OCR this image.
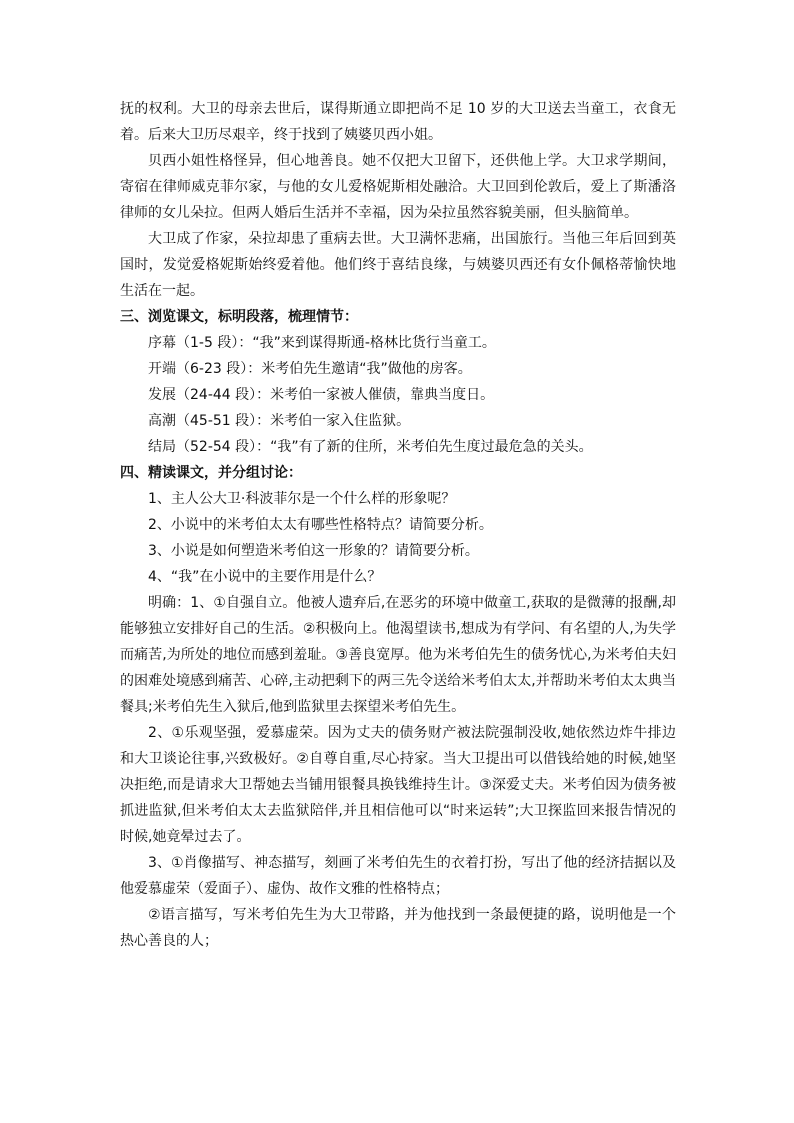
抚的权利。大卫的母亲去世后，谋得斯通立即把尚不足 10 岁的大卫送去当童工，衣食无着。后来大卫历尽艰辛，终于找到了姨婆贝西小姐。

贝西小姐性格怪异，但心地善良。她不仅把大卫留下，还供他上学。大卫求学期间，寄宿在律师威克菲尔家，与他的女儿爱格妮斯相处融洽。大卫回到伦敦后，爱上了斯潘洛律师的女儿朵拉。但两人婚后生活并不幸福，因为朵拉虽然容貌美丽，但头脑简单。

大卫成了作家，朵拉却患了重病去世。大卫满怀悲痛，出国旅行。当他三年后回到英国时，发觉爱格妮斯始终爱着他。他们终于喜结良缘，与姨婆贝西还有女仆佩格蒂愉快地生活在一起。

三、浏览课文，标明段落，梳理情节：

序幕（1-5 段）：“我”来到谋得斯通-格林比货行当童工。

开端（6-23 段）：米考伯先生邀请“我”做他的房客。

发展（24-44 段）：米考伯一家被人催债，靠典当度日。

高潮（45-51 段）：米考伯一家入住监狱。

结局（52-54 段）：“我”有了新的住所，米考伯先生度过最危急的关头。

四、精读课文，并分组讨论：

1、主人公大卫·科波菲尔是一个什么样的形象呢？

2、小说中的米考伯太太有哪些性格特点？请简要分析。

3、小说是如何塑造米考伯这一形象的？请简要分析。

4、“我”在小说中的主要作用是什么？

明确：1、①自强自立。他被人遗弃后,在恶劣的环境中做童工,获取的是微薄的报酬,却能够独立安排好自己的生活。②积极向上。他渴望读书,想成为有学问、有名望的人,为失学而痛苦,为所处的地位而感到羞耻。③善良宽厚。他为米考伯先生的债务忧心,为米考伯夫妇的困难处境感到痛苦、心碎,主动把剩下的两三先令送给米考伯太太,并帮助米考伯太太典当餐具;米考伯先生入狱后,他到监狱里去探望米考伯先生。

2、①乐观坚强，爱慕虚荣。因为丈夫的债务财产被法院强制没收,她依然边炸牛排边和大卫谈论往事,兴致极好。②自尊自重,尽心持家。当大卫提出可以借钱给她的时候,她坚决拒绝,而是请求大卫帮她去当铺用银餐具换钱维持生计。③深爱丈夫。米考伯因为债务被抓进监狱,但米考伯太太去监狱陪伴,并且相信他可以“时来运转”;大卫探监回来报告情况的时候,她竟晕过去了。

3、①肖像描写、神态描写，刻画了米考伯先生的衣着打扮，写出了他的经济拮据以及他爱慕虚荣（爱面子）、虚伪、故作文雅的性格特点；

②语言描写，写米考伯先生为大卫带路，并为他找到一条最便捷的路，说明他是一个热心善良的人；
